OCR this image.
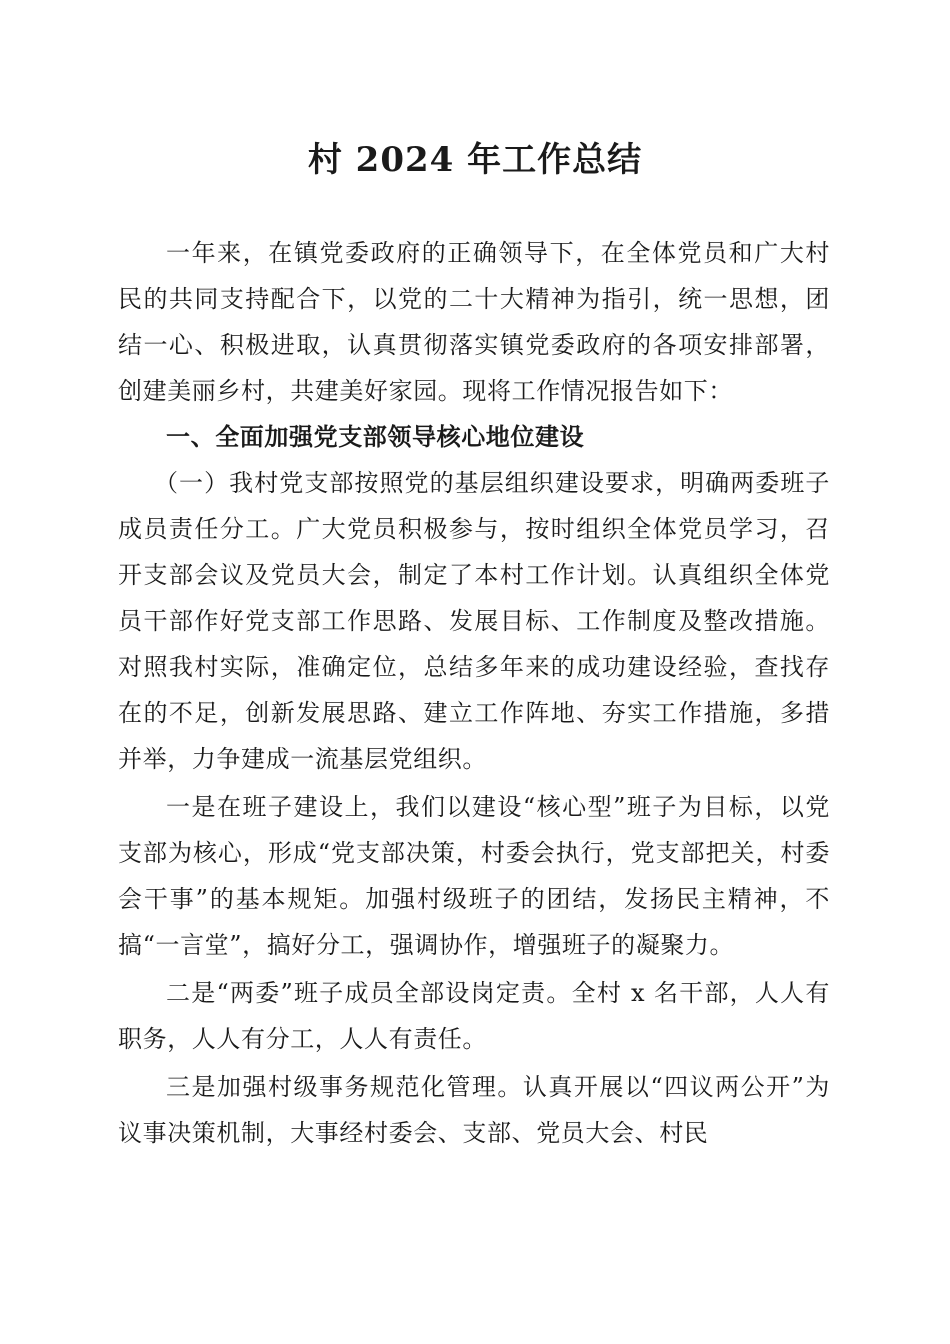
村 2024 年工作总结

一年来，在镇党委政府的正确领导下，在全体党员和广大村民的共同支持配合下，以党的二十大精神为指引，统一思想，团结一心、积极进取，认真贯彻落实镇党委政府的各项安排部署，创建美丽乡村，共建美好家园。现将工作情况报告如下：

一、全面加强党支部领导核心地位建设

（一）我村党支部按照党的基层组织建设要求，明确两委班子成员责任分工。广大党员积极参与，按时组织全体党员学习，召开支部会议及党员大会，制定了本村工作计划。认真组织全体党员干部作好党支部工作思路、发展目标、工作制度及整改措施。对照我村实际，准确定位，总结多年来的成功建设经验，查找存在的不足，创新发展思路、建立工作阵地、夯实工作措施，多措并举，力争建成一流基层党组织。

一是在班子建设上，我们以建设“核心型”班子为目标，以党支部为核心，形成“党支部决策，村委会执行，党支部把关，村委会干事”的基本规矩。加强村级班子的团结，发扬民主精神，不搞“一言堂”，搞好分工，强调协作，增强班子的凝聚力。

二是“两委”班子成员全部设岗定责。全村 x 名干部，人人有职务，人人有分工，人人有责任。

三是加强村级事务规范化管理。认真开展以“四议两公开”为议事决策机制，大事经村委会、支部、党员大会、村民
